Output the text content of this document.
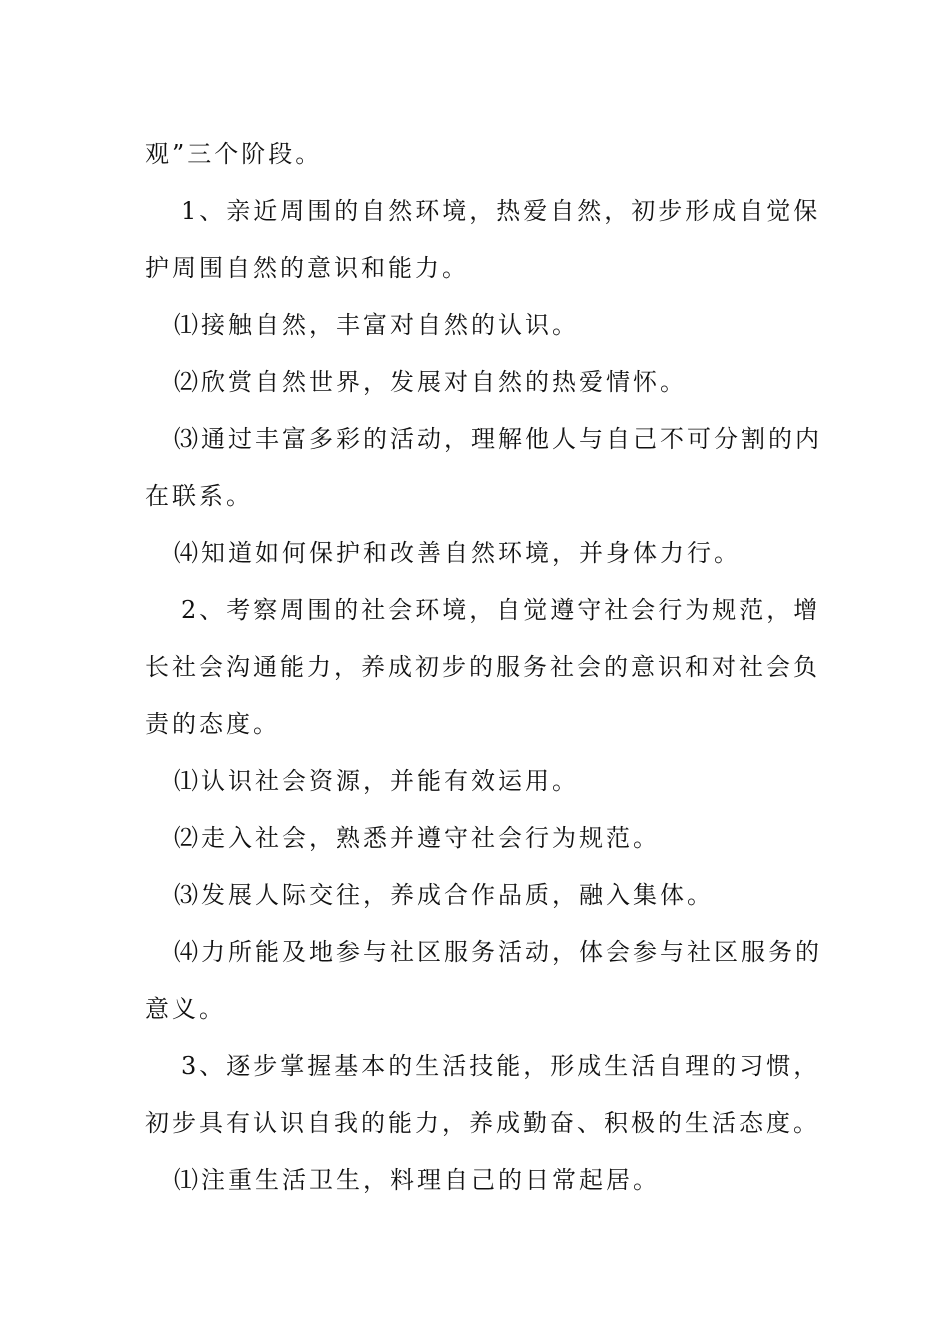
观”三个阶段。

1、亲近周围的自然环境，热爱自然，初步形成自觉保

护周围自然的意识和能力。

⑴接触自然，丰富对自然的认识。

⑵欣赏自然世界，发展对自然的热爱情怀。

⑶通过丰富多彩的活动，理解他人与自己不可分割的内

在联系。

⑷知道如何保护和改善自然环境，并身体力行。

2、考察周围的社会环境，自觉遵守社会行为规范，增

长社会沟通能力，养成初步的服务社会的意识和对社会负

责的态度。

⑴认识社会资源，并能有效运用。

⑵走入社会，熟悉并遵守社会行为规范。

⑶发展人际交往，养成合作品质，融入集体。

⑷力所能及地参与社区服务活动，体会参与社区服务的

意义。

3、逐步掌握基本的生活技能，形成生活自理的习惯，

初步具有认识自我的能力，养成勤奋、积极的生活态度。

⑴注重生活卫生，料理自己的日常起居。
